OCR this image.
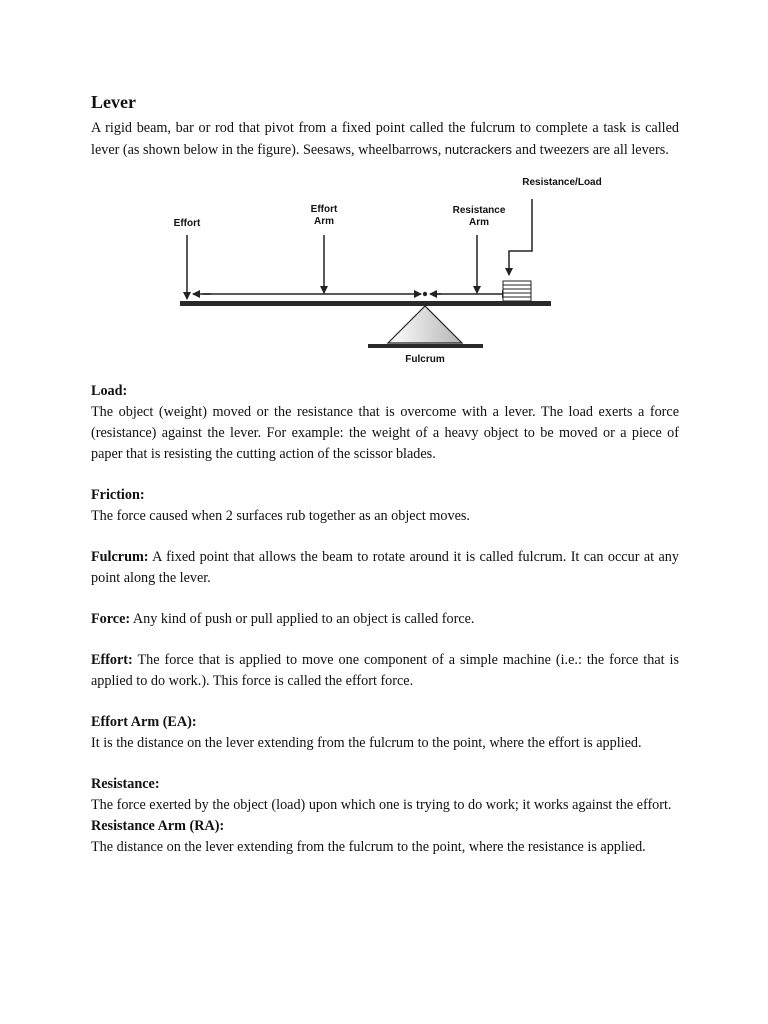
Lever

A rigid beam, bar or rod that pivot from a fixed point called the fulcrum to complete a task is called lever (as shown below in the figure). Seesaws, wheelbarrows, nutcrackers and tweezers are all levers.

Resistance/Load
Effort
Effort
Arm
Resistance
Arm
Fulcrum
Load:

The object (weight) moved or the resistance that is overcome with a lever. The load exerts a force (resistance) against the lever. For example: the weight of a heavy object to be moved or a piece of paper that is resisting the cutting action of the scissor blades.

Friction:

The force caused when 2 surfaces rub together as an object moves.

Fulcrum: A fixed point that allows the beam to rotate around it is called fulcrum. It can occur at any point along the lever.

Force: Any kind of push or pull applied to an object is called force.

Effort: The force that is applied to move one component of a simple machine (i.e.: the force that is applied to do work.). This force is called the effort force.

Effort Arm (EA):

It is the distance on the lever extending from the fulcrum to the point, where the effort is applied.

Resistance:

The force exerted by the object (load) upon which one is trying to do work; it works against the effort.

Resistance Arm (RA):

The distance on the lever extending from the fulcrum to the point, where the resistance is applied.
